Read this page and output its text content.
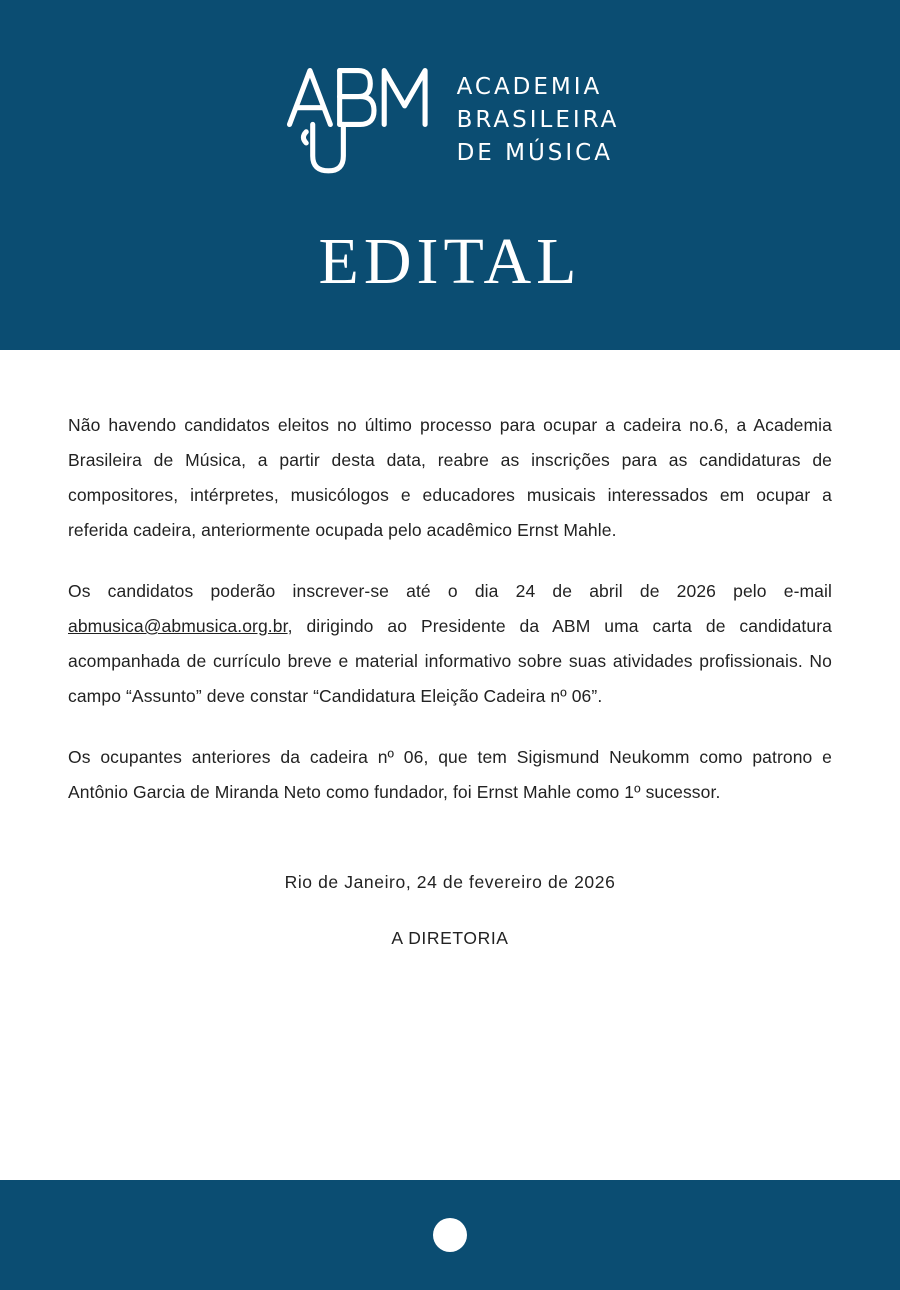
ACADEMIA
BRASILEIRA
DE MÚSICA
EDITAL

Não havendo candidatos eleitos no último processo para ocupar a cadeira no.6, a Academia Brasileira de Música, a partir desta data, reabre as inscrições para as candidaturas de compositores, intérpretes, musicólogos e educadores musicais interessados em ocupar a referida cadeira, anteriormente ocupada pelo acadêmico Ernst Mahle.

Os candidatos poderão inscrever-se até o dia 24 de abril de 2026 pelo e-mail abmusica@abmusica.org.br, dirigindo ao Presidente da ABM uma carta de candidatura acompanhada de currículo breve e material informativo sobre suas atividades profissionais. No campo “Assunto” deve constar “Candidatura Eleição Cadeira nº 06”.

Os ocupantes anteriores da cadeira nº 06, que tem Sigismund Neukomm como patrono e Antônio Garcia de Miranda Neto como fundador, foi Ernst Mahle como 1º sucessor.

Rio de Janeiro, 24 de fevereiro de 2026

A DIRETORIA
